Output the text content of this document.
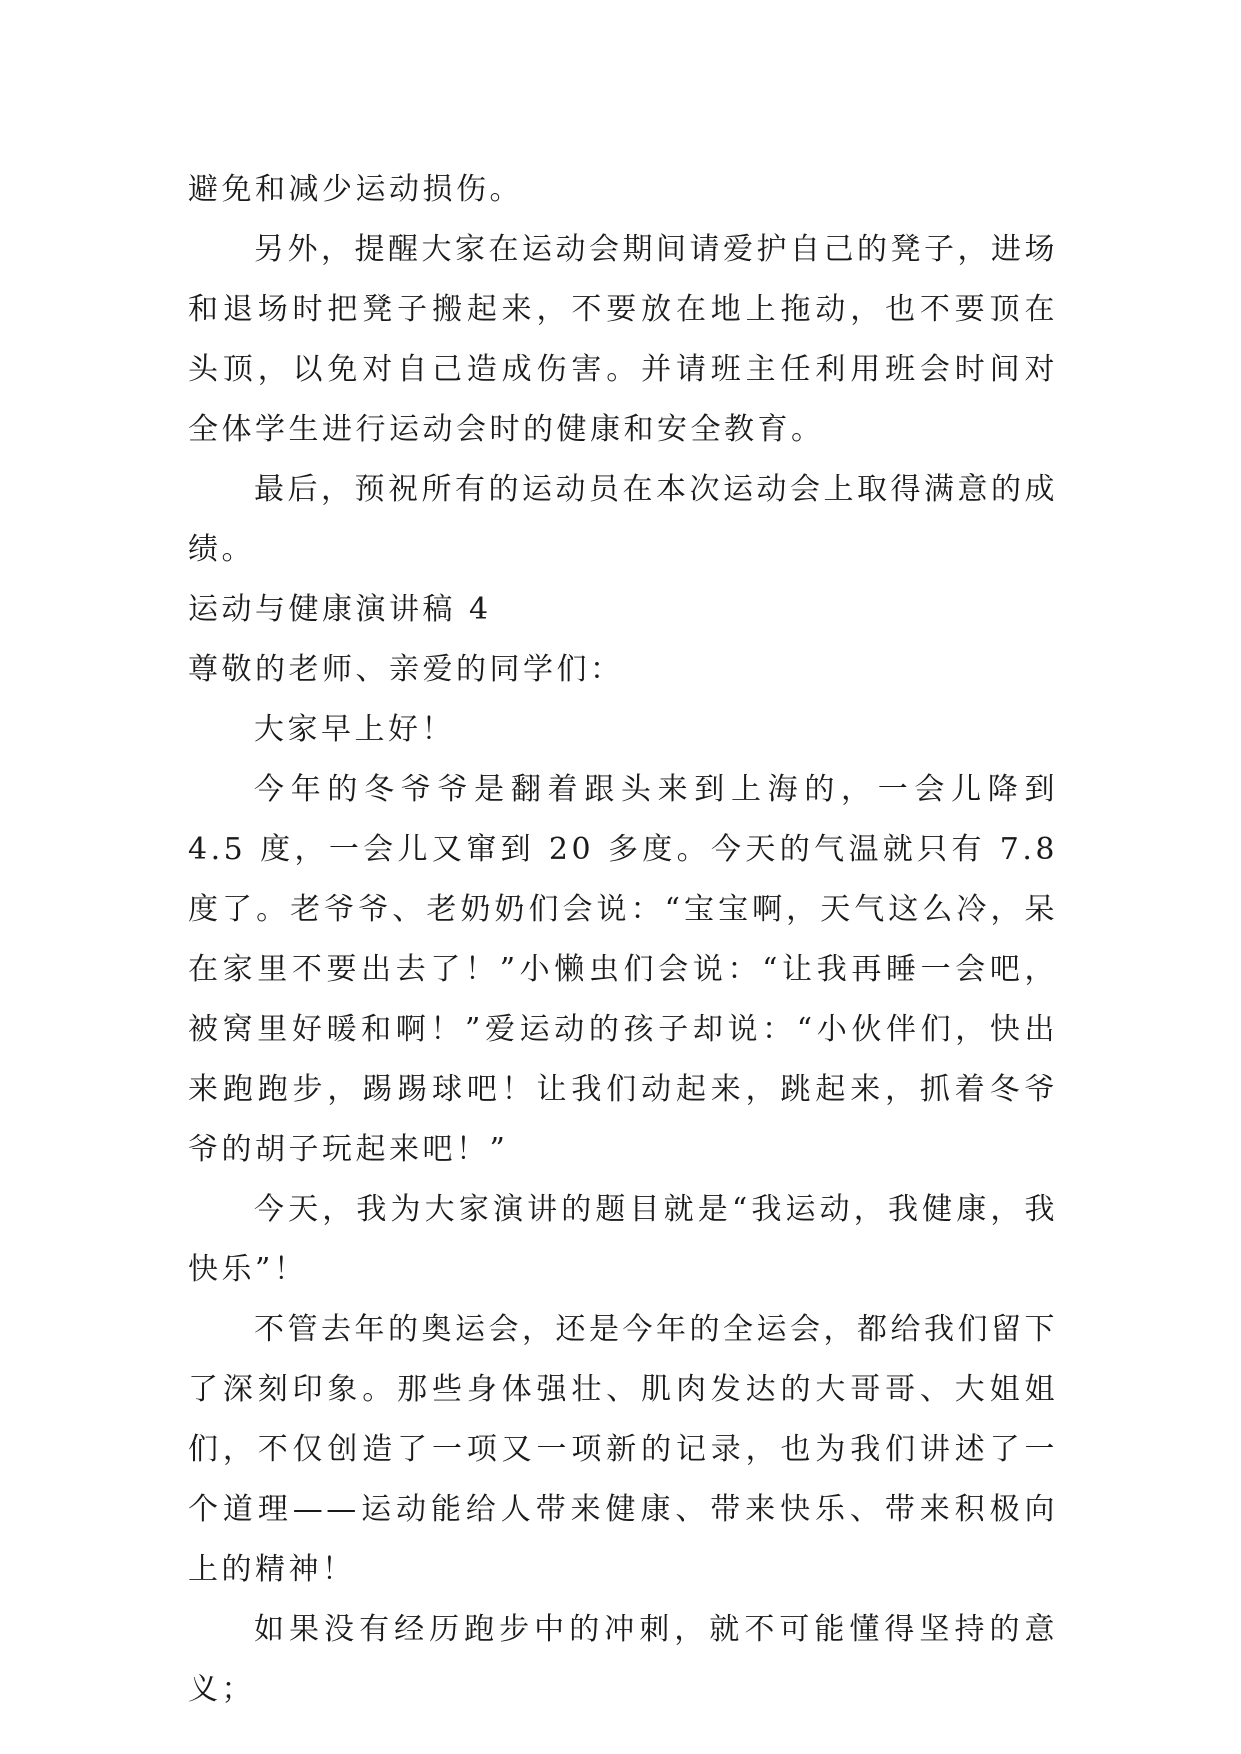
避免和减少运动损伤。

另外，提醒大家在运动会期间请爱护自己的凳子，进场和退场时把凳子搬起来，不要放在地上拖动，也不要顶在头顶，以免对自己造成伤害。并请班主任利用班会时间对全体学生进行运动会时的健康和安全教育。

最后，预祝所有的运动员在本次运动会上取得满意的成绩。

运动与健康演讲稿 4

尊敬的老师、亲爱的同学们：

大家早上好！

今年的冬爷爷是翻着跟头来到上海的，一会儿降到 4.5 度，一会儿又窜到 20 多度。今天的气温就只有 7.8 度了。老爷爷、老奶奶们会说：“宝宝啊，天气这么冷，呆在家里不要出去了！”小懒虫们会说：“让我再睡一会吧，被窝里好暖和啊！”爱运动的孩子却说：“小伙伴们，快出来跑跑步，踢踢球吧！让我们动起来，跳起来，抓着冬爷爷的胡子玩起来吧！”

今天，我为大家演讲的题目就是“我运动，我健康，我快乐”！

不管去年的奥运会，还是今年的全运会，都给我们留下了深刻印象。那些身体强壮、肌肉发达的大哥哥、大姐姐们，不仅创造了一项又一项新的记录，也为我们讲述了一个道理——运动能给人带来健康、带来快乐、带来积极向上的精神！

如果没有经历跑步中的冲刺，就不可能懂得坚持的意义；
